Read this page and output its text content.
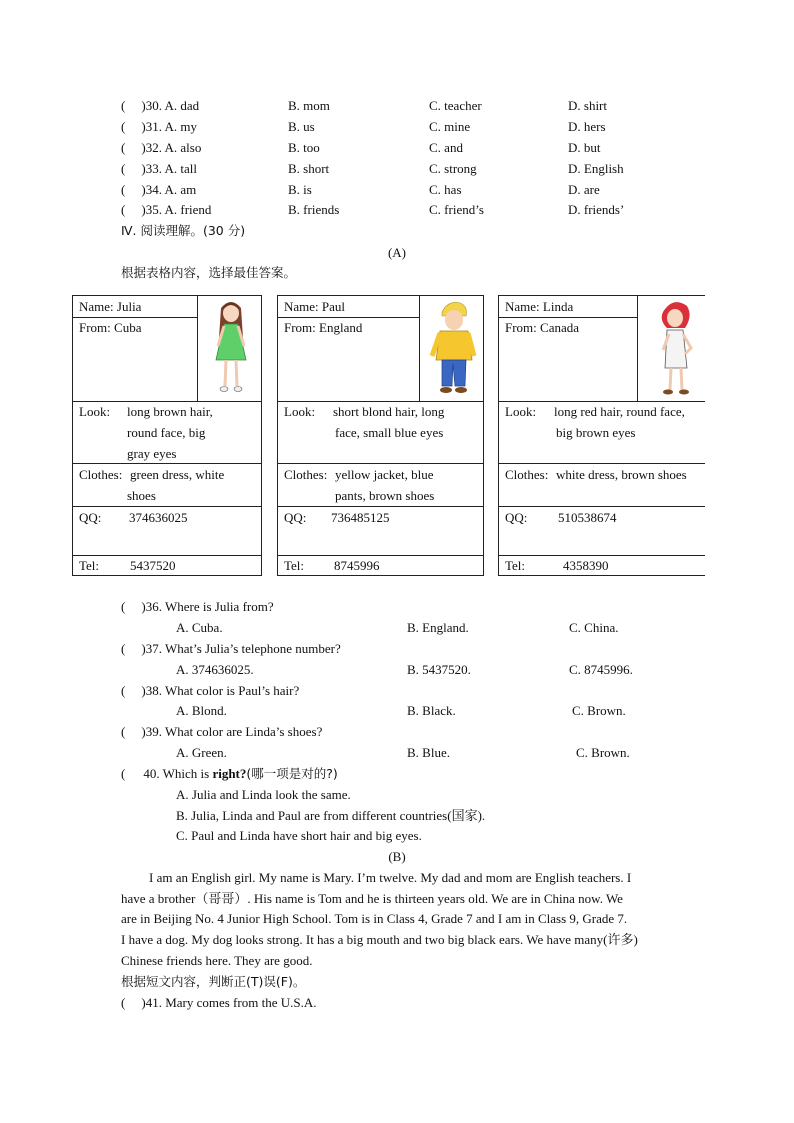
( )30. A. dad	B. mom	C. teacher	D. shirt
( )31. A. my	B. us	C. mine	D. hers
( )32. A. also	B. too	C. and	D. but
( )33. A. tall	B. short	C. strong	D. English
( )34. A. am	B. is	C. has	D. are
( )35. A. friend	B. friends	C. friend’s	D. friends’
Ⅳ. 阅读理解。(30 分)
(A)
根据表格内容，选择最佳答案。
Name: Julia
From: Cuba
Look: long brown hair,
round face, big
gray eyes
Clothes: green dress, white
shoes
QQ: 374636025
Tel: 5437520
Name: Paul
From: England
Look: short blond hair, long
face, small blue eyes
Clothes: yellow jacket, blue
pants, brown shoes
QQ: 736485125
Tel: 8745996
Name: Linda
From: Canada
Look: long red hair, round face,
big brown eyes
Clothes: white dress, brown shoes
QQ: 510538674
Tel:	4358390
( )36. Where is Julia from?
A. Cuba.	B. England.	C. China.
( )37. What’s Julia’s telephone number?
A. 374636025.	B. 5437520.	C. 8745996.
( )38. What color is Paul’s hair?
A. Blond.	B. Black.	C. Brown.
( )39. What color are Linda’s shoes?
A. Green.	B. Blue.	C. Brown.
( 40. Which is right?(哪一项是对的?)
A. Julia and Linda look the same.
B. Julia, Linda and Paul are from different countries(国家).
C. Paul and Linda have short hair and big eyes.
(B)
I am an English girl. My name is Mary. I’m twelve. My dad and mom are English teachers. I
have a brother（哥哥）. His name is Tom and he is thirteen years old. We are in China now. We
are in Beijing No. 4 Junior High School. Tom is in Class 4, Grade 7 and I am in Class 9, Grade 7.
I have a dog. My dog looks strong. It has a big mouth and two big black ears. We have many(许多)
Chinese friends here. They are good.
根据短文内容，判断正(T)误(F)。
( )41. Mary comes from the U.S.A.
